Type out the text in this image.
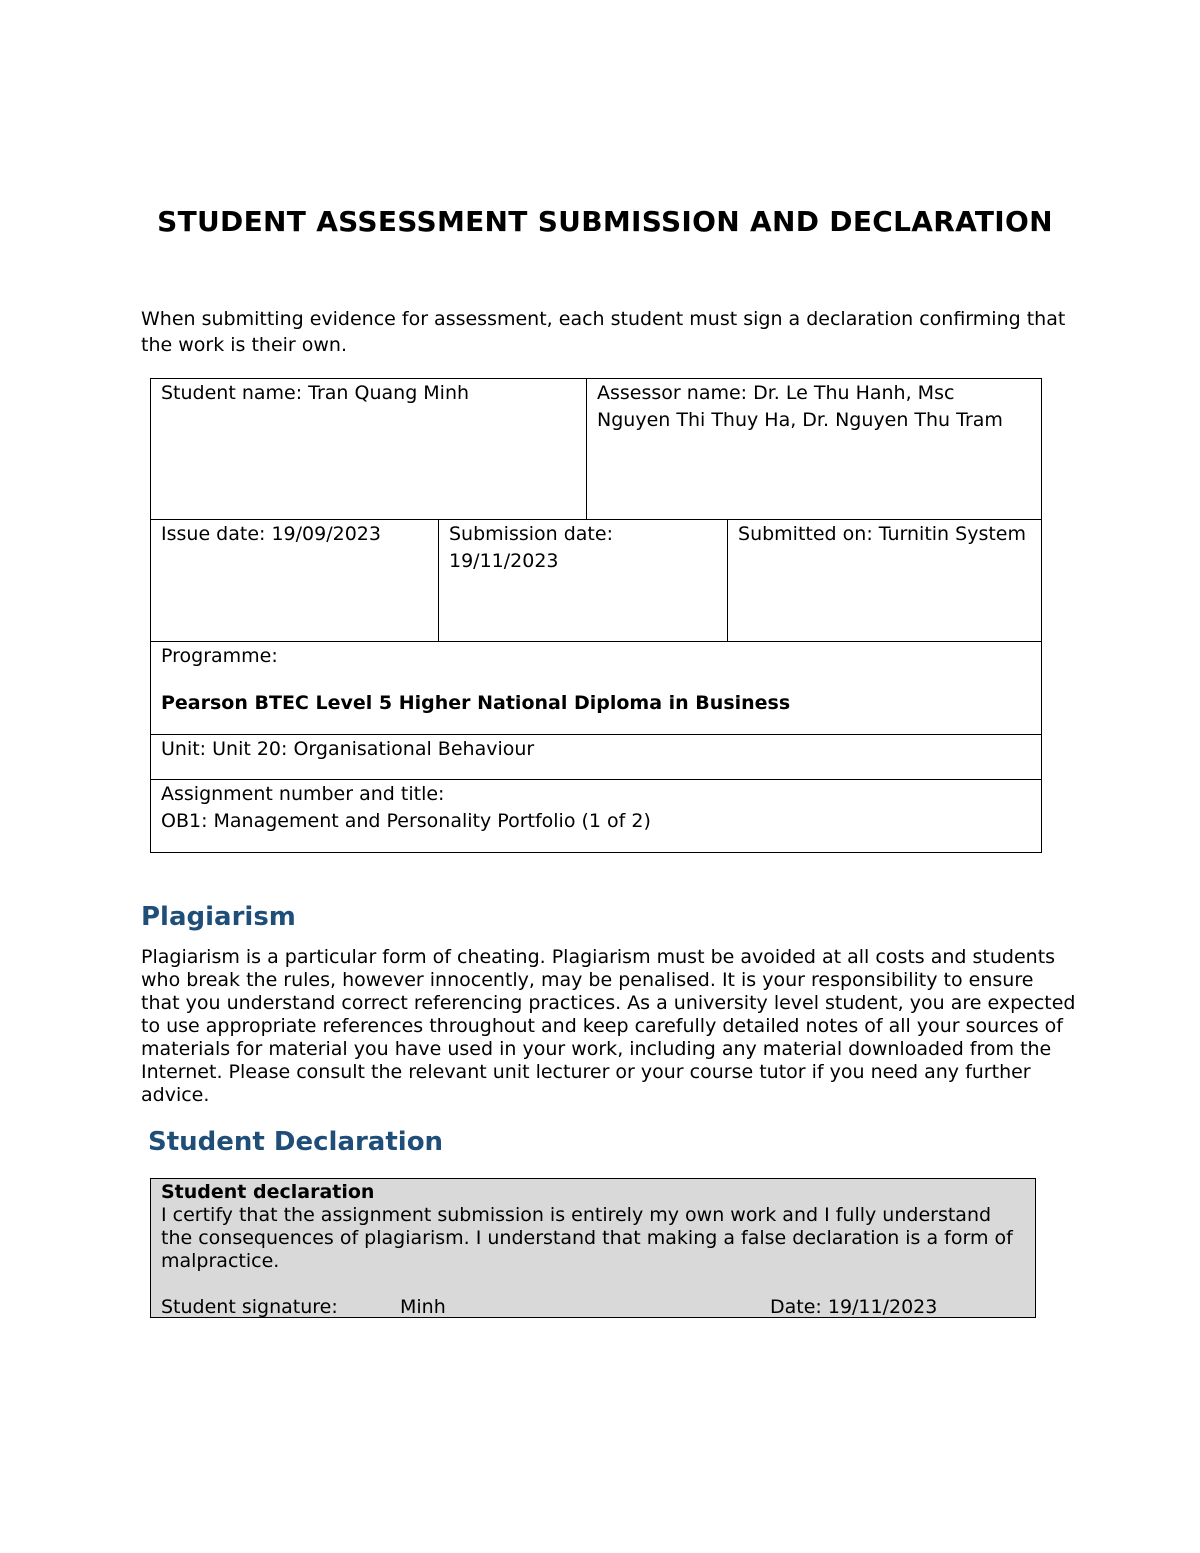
STUDENT ASSESSMENT SUBMISSION AND DECLARATION
When submitting evidence for assessment, each student must sign a declaration confirming that the work is their own.
Student name: Tran Quang Minh		Assessor name: Dr. Le Thu Hanh, Msc Nguyen Thi Thuy Ha, Dr. Nguyen Thu Tram	
Issue date: 19/09/2023	Submission date: 19/11/2023		Submitted on: Turnitin System
Programme:
Pearson BTEC Level 5 Higher National Diploma in Business			

Unit: Unit 20: Organisational Behaviour			

Assignment number and title:
OB1: Management and Personality Portfolio (1 of 2)			
Plagiarism
Plagiarism is a particular form of cheating. Plagiarism must be avoided at all costs and students who break the rules, however innocently, may be penalised. It is your responsibility to ensure that you understand correct referencing practices. As a university level student, you are expected to use appropriate references throughout and keep carefully detailed notes of all your sources of materials for material you have used in your work, including any material downloaded from the Internet. Please consult the relevant unit lecturer or your course tutor if you need any further advice.
Student Declaration
Student declaration
I certify that the assignment submission is entirely my own work and I fully understand the consequences of plagiarism. I understand that making a false declaration is a form of malpractice.
Student signature:	Minh	Date: 19/11/2023
